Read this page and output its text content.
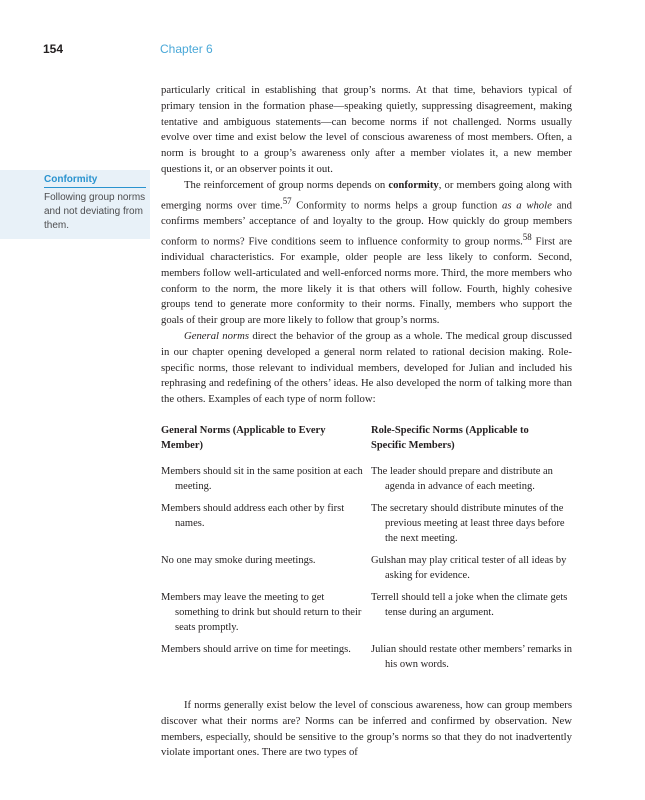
154	Chapter 6
Conformity
Following group norms and not deviating from them.

particularly critical in establishing that group’s norms. At that time, behaviors typical of primary tension in the formation phase—speaking quietly, suppressing disagreement, making tentative and ambiguous statements—can become norms if not challenged. Norms usually evolve over time and exist below the level of conscious awareness of most members. Often, a norm is brought to a group’s awareness only after a member violates it, a new member questions it, or an observer points it out.

The reinforcement of group norms depends on conformity, or members going along with emerging norms over time.$^{57}$ Conformity to norms helps a group function as a whole and confirms members’ acceptance of and loyalty to the group. How quickly do group members conform to norms? Five conditions seem to influence conformity to group norms.$^{58}$ First are individual characteristics. For example, older people are less likely to conform. Second, members follow well-articulated and well-enforced norms more. Third, the more members who conform to the norm, the more likely it is that others will follow. Fourth, highly cohesive groups tend to generate more conformity to their norms. Finally, members who support the goals of their group are more likely to follow that group’s norms.

General norms direct the behavior of the group as a whole. The medical group discussed in our chapter opening developed a general norm related to rational decision making. Role-specific norms, those relevant to individual members, developed for Julian and included his rephrasing and redefining of the others’ ideas. He also developed the norm of talking more than the others. Examples of each type of norm follow:

General Norms (Applicable to Every Member)	Role-Specific Norms (Applicable to Specific Members)
Members should sit in the same position at each meeting.	The leader should prepare and distribute an agenda in advance of each meeting.
Members should address each other by first names.	The secretary should distribute minutes of the previous meeting at least three days before the next meeting.
No one may smoke during meetings.	Gulshan may play critical tester of all ideas by asking for evidence.
Members may leave the meeting to get something to drink but should return to their seats promptly.	Terrell should tell a joke when the climate gets tense during an argument.
Members should arrive on time for meetings.	Julian should restate other members’ remarks in his own words.

If norms generally exist below the level of conscious awareness, how can group members discover what their norms are? Norms can be inferred and confirmed by observation. New members, especially, should be sensitive to the group’s norms so that they do not inadvertently violate important ones. There are two types of
